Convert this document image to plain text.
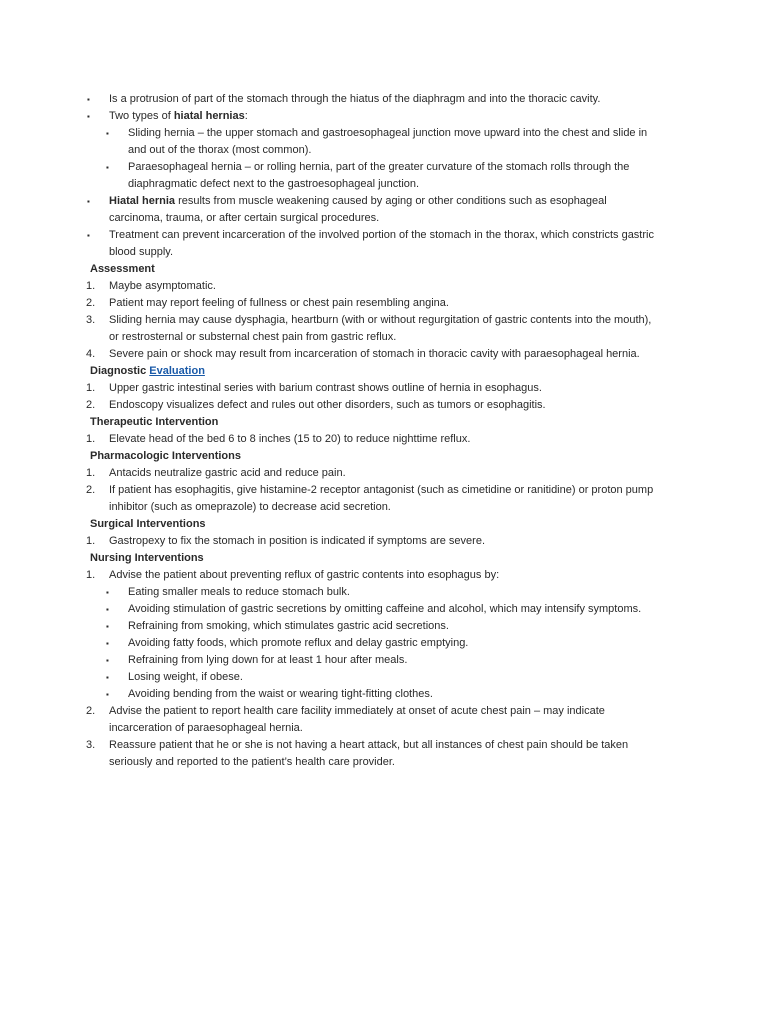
▪ Is a protrusion of part of the stomach through the hiatus of the diaphragm and into the thoracic cavity.
▪ Two types of hiatal hernias:
▪ Sliding hernia – the upper stomach and gastroesophageal junction move upward into the chest and slide in
and out of the thorax (most common).
▪ Paraesophageal hernia – or rolling hernia, part of the greater curvature of the stomach rolls through the
diaphragmatic defect next to the gastroesophageal junction.
▪ Hiatal hernia results from muscle weakening caused by aging or other conditions such as esophageal
carcinoma, trauma, or after certain surgical procedures.
▪ Treatment can prevent incarceration of the involved portion of the stomach in the thorax, which constricts gastric
blood supply.
Assessment
1. Maybe asymptomatic.
2. Patient may report feeling of fullness or chest pain resembling angina.
3. Sliding hernia may cause dysphagia, heartburn (with or without regurgitation of gastric contents into the mouth),
or restrosternal or substernal chest pain from gastric reflux.
4. Severe pain or shock may result from incarceration of stomach in thoracic cavity with paraesophageal hernia.
Diagnostic Evaluation
1. Upper gastric intestinal series with barium contrast shows outline of hernia in esophagus.
2. Endoscopy visualizes defect and rules out other disorders, such as tumors or esophagitis.
Therapeutic Intervention
1. Elevate head of the bed 6 to 8 inches (15 to 20) to reduce nighttime reflux.
Pharmacologic Interventions
1. Antacids neutralize gastric acid and reduce pain.
2. If patient has esophagitis, give histamine-2 receptor antagonist (such as cimetidine or ranitidine) or proton pump
inhibitor (such as omeprazole) to decrease acid secretion.
Surgical Interventions
1. Gastropexy to fix the stomach in position is indicated if symptoms are severe.
Nursing Interventions
1. Advise the patient about preventing reflux of gastric contents into esophagus by:
▪ Eating smaller meals to reduce stomach bulk.
▪ Avoiding stimulation of gastric secretions by omitting caffeine and alcohol, which may intensify symptoms.
▪ Refraining from smoking, which stimulates gastric acid secretions.
▪ Avoiding fatty foods, which promote reflux and delay gastric emptying.
▪ Refraining from lying down for at least 1 hour after meals.
▪ Losing weight, if obese.
▪ Avoiding bending from the waist or wearing tight-fitting clothes.
2. Advise the patient to report health care facility immediately at onset of acute chest pain – may indicate
incarceration of paraesophageal hernia.
3. Reassure patient that he or she is not having a heart attack, but all instances of chest pain should be taken
seriously and reported to the patient’s health care provider.
